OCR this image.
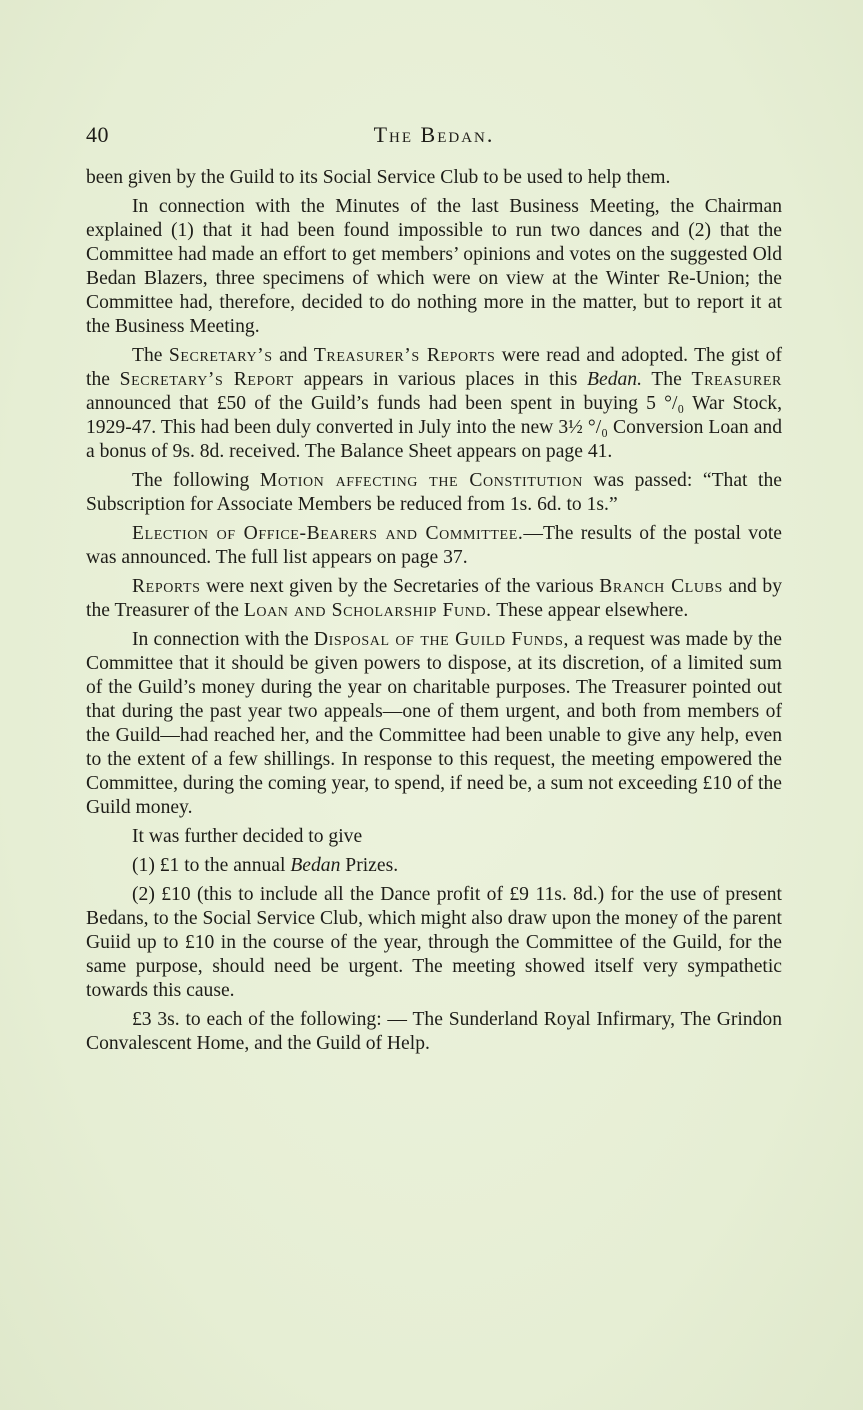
40	The Bedan.

been given by the Guild to its Social Service Club to be used to help them.

In connection with the Minutes of the last Business Meeting, the Chairman explained (1) that it had been found impossible to run two dances and (2) that the Committee had made an effort to get members’ opinions and votes on the suggested Old Bedan Blazers, three specimens of which were on view at the Winter Re-Union; the Committee had, therefore, decided to do nothing more in the matter, but to report it at the Business Meeting.

The Secretary’s and Treasurer’s Reports were read and adopted. The gist of the Secretary’s Report appears in various places in this Bedan. The Treasurer announced that £50 of the Guild’s funds had been spent in buying 5 °/₀ War Stock, 1929-47. This had been duly converted in July into the new 3½ °/₀ Conversion Loan and a bonus of 9s. 8d. received. The Balance Sheet appears on page 41.

The following Motion affecting the Constitution was passed: “That the Subscription for Associate Members be reduced from 1s. 6d. to 1s.”

Election of Office-Bearers and Committee.—The results of the postal vote was announced. The full list appears on page 37.

Reports were next given by the Secretaries of the various Branch Clubs and by the Treasurer of the Loan and Scholarship Fund. These appear elsewhere.

In connection with the Disposal of the Guild Funds, a request was made by the Committee that it should be given powers to dispose, at its discretion, of a limited sum of the Guild’s money during the year on charitable purposes. The Treasurer pointed out that during the past year two appeals—one of them urgent, and both from members of the Guild—had reached her, and the Committee had been unable to give any help, even to the extent of a few shillings. In response to this request, the meeting empowered the Committee, during the coming year, to spend, if need be, a sum not exceeding £10 of the Guild money.

It was further decided to give

(1) £1 to the annual Bedan Prizes.

(2) £10 (this to include all the Dance profit of £9 11s. 8d.) for the use of present Bedans, to the Social Service Club, which might also draw upon the money of the parent Guiid up to £10 in the course of the year, through the Committee of the Guild, for the same purpose, should need be urgent. The meeting showed itself very sympathetic towards this cause.

£3 3s. to each of the following: — The Sunderland Royal Infirmary, The Grindon Convalescent Home, and the Guild of Help.
